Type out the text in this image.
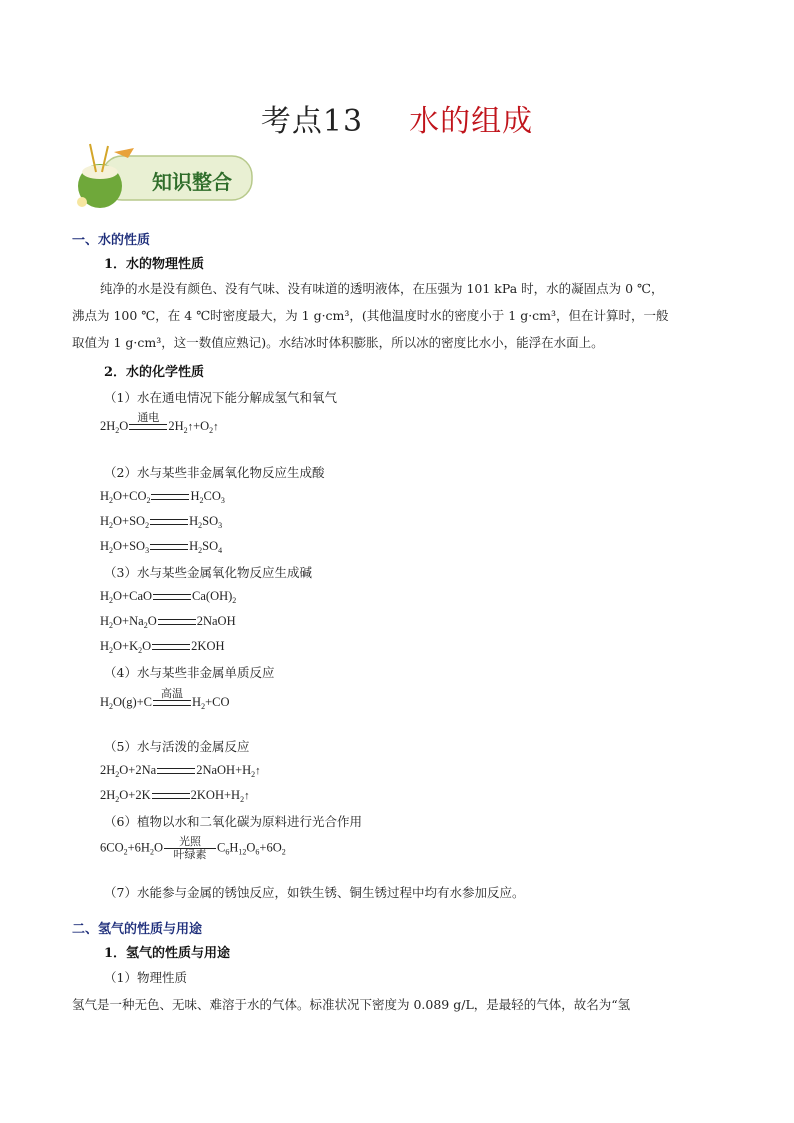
考点13 水的组成
知识整合
一、水的性质
1．水的物理性质
纯净的水是没有颜色、没有气味、没有味道的透明液体，在压强为 101 kPa 时，水的凝固点为 0 ℃，
沸点为 100 ℃，在 4 ℃时密度最大，为 1 g·cm³，(其他温度时水的密度小于 1 g·cm³，但在计算时，一般
取值为 1 g·cm³，这一数值应熟记)。水结冰时体积膨胀，所以冰的密度比水小，能浮在水面上。
2．水的化学性质
（1）水在通电情况下能分解成氢气和氧气
$2H_2O$
通电

$2H_2↑+O_2↑$
（2）水与某些非金属氧化物反应生成酸
$H_2O+CO_2$	$H_2CO_3$
$H_2O+SO_2$	$H_2SO_3$
$H_2O+SO_3$	$H_2SO_4$
（3）水与某些金属氧化物反应生成碱
$H_2O+CaO$	$Ca(OH)_2$
$H_2O+Na_2O$	2NaOH
$H_2O+K_2O$	2KOH
（4）水与某些非金属单质反应
$H_2O(g)+C$
高温

$H_2+CO$
（5）水与活泼的金属反应
$2H_2O+2Na$	$2NaOH+H_2↑$
$2H_2O+2K$	$2KOH+H_2↑$
（6）植物以水和二氧化碳为原料进行光合作用
$6CO_2+6H_2O$ 光照
叶绿素
$C_6H_{12}O_6+6O_2$
（7）水能参与金属的锈蚀反应，如铁生锈、铜生锈过程中均有水参加反应。
二、氢气的性质与用途
1．氢气的性质与用途
（1）物理性质
氢气是一种无色、无味、难溶于水的气体。标准状况下密度为 0.089 g/L，是最轻的气体，故名为“氢
